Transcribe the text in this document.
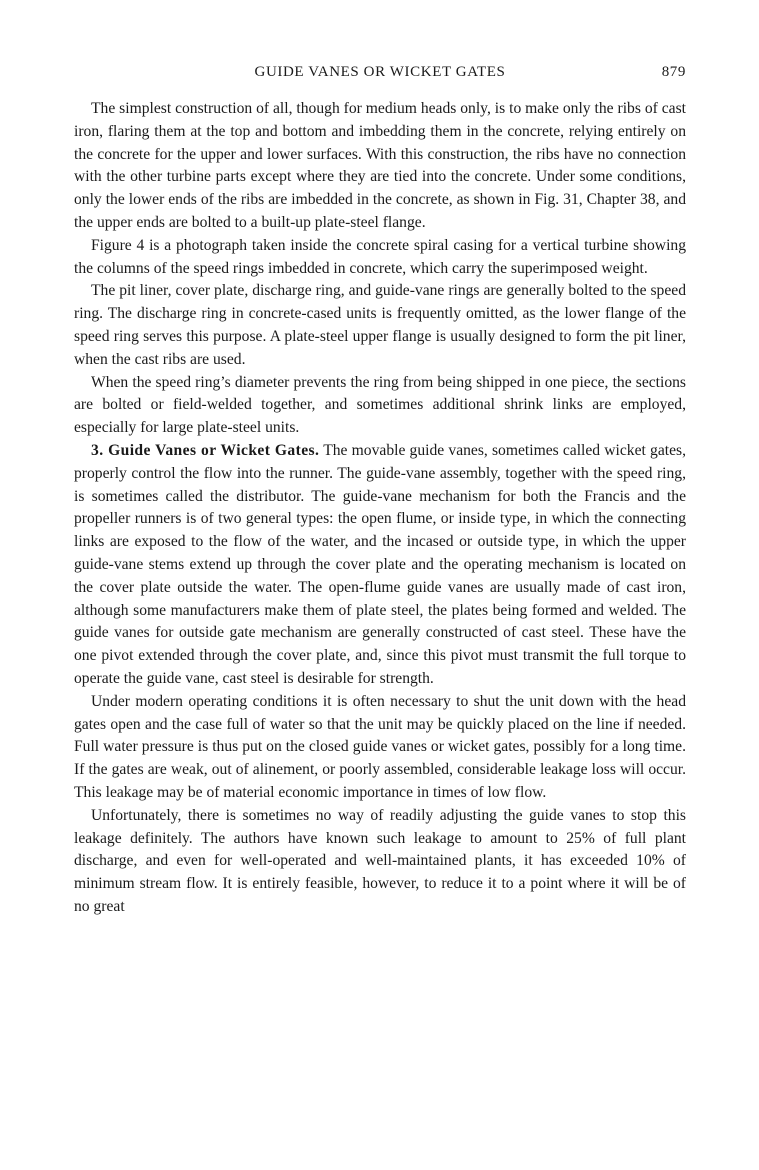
GUIDE VANES OR WICKET GATES	879

The simplest construction of all, though for medium heads only, is to make only the ribs of cast iron, flaring them at the top and bottom and imbedding them in the concrete, relying entirely on the concrete for the upper and lower surfaces. With this construction, the ribs have no connection with the other turbine parts except where they are tied into the concrete. Under some conditions, only the lower ends of the ribs are imbedded in the concrete, as shown in Fig. 31, Chapter 38, and the upper ends are bolted to a built-up plate-steel flange.

Figure 4 is a photograph taken inside the concrete spiral casing for a vertical turbine showing the columns of the speed rings imbedded in concrete, which carry the superimposed weight.

The pit liner, cover plate, discharge ring, and guide-vane rings are generally bolted to the speed ring. The discharge ring in concrete-cased units is frequently omitted, as the lower flange of the speed ring serves this purpose. A plate-steel upper flange is usually designed to form the pit liner, when the cast ribs are used.

When the speed ring’s diameter prevents the ring from being shipped in one piece, the sections are bolted or field-welded together, and sometimes additional shrink links are employed, especially for large plate-steel units.

3. Guide Vanes or Wicket Gates. The movable guide vanes, sometimes called wicket gates, properly control the flow into the runner. The guide-vane assembly, together with the speed ring, is sometimes called the distributor. The guide-vane mechanism for both the Francis and the propeller runners is of two general types: the open flume, or inside type, in which the connecting links are exposed to the flow of the water, and the incased or outside type, in which the upper guide-vane stems extend up through the cover plate and the operating mechanism is located on the cover plate outside the water. The open-flume guide vanes are usually made of cast iron, although some manufacturers make them of plate steel, the plates being formed and welded. The guide vanes for outside gate mechanism are generally constructed of cast steel. These have the one pivot extended through the cover plate, and, since this pivot must transmit the full torque to operate the guide vane, cast steel is desirable for strength.

Under modern operating conditions it is often necessary to shut the unit down with the head gates open and the case full of water so that the unit may be quickly placed on the line if needed. Full water pressure is thus put on the closed guide vanes or wicket gates, possibly for a long time. If the gates are weak, out of alinement, or poorly assembled, considerable leakage loss will occur. This leakage may be of material economic importance in times of low flow.

Unfortunately, there is sometimes no way of readily adjusting the guide vanes to stop this leakage definitely. The authors have known such leakage to amount to 25% of full plant discharge, and even for well-operated and well-maintained plants, it has exceeded 10% of minimum stream flow. It is entirely feasible, however, to reduce it to a point where it will be of no great
